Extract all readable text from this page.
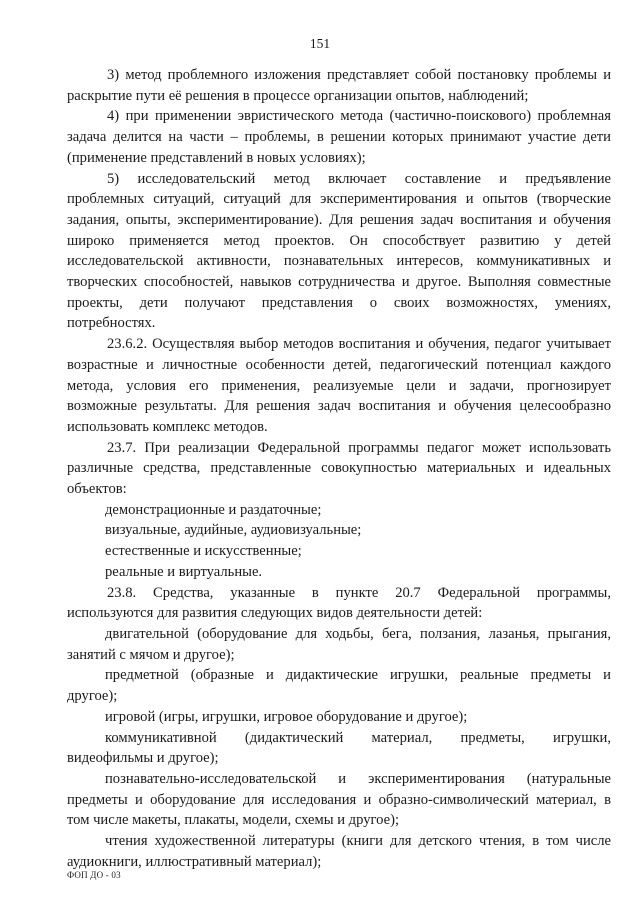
151

3) метод проблемного изложения представляет собой постановку проблемы и
раскрытие пути её решения в процессе организации опытов, наблюдений;

4) при применении эвристического метода (частично-поискового) проблемная
задача делится на части – проблемы, в решении которых принимают участие дети
(применение представлений в новых условиях);

5) исследовательский метод включает составление и предъявление
проблемных ситуаций, ситуаций для экспериментирования и опытов (творческие
задания, опыты, экспериментирование). Для решения задач воспитания и обучения
широко применяется метод проектов. Он способствует развитию у детей
исследовательской активности, познавательных интересов, коммуникативных и
творческих способностей, навыков сотрудничества и другое. Выполняя совместные
проекты, дети получают представления о своих возможностях, умениях,
потребностях.

23.6.2. Осуществляя выбор методов воспитания и обучения, педагог учитывает
возрастные и личностные особенности детей, педагогический потенциал каждого
метода, условия его применения, реализуемые цели и задачи, прогнозирует
возможные результаты. Для решения задач воспитания и обучения целесообразно
использовать комплекс методов.

23.7. При реализации Федеральной программы педагог может использовать
различные средства, представленные совокупностью материальных и идеальных
объектов:

демонстрационные и раздаточные;

визуальные, аудийные, аудиовизуальные;

естественные и искусственные;

реальные и виртуальные.

23.8. Средства, указанные в пункте 20.7 Федеральной программы,
используются для развития следующих видов деятельности детей:

двигательной (оборудование для ходьбы, бега, ползания, лазанья, прыгания,
занятий с мячом и другое);

предметной (образные и дидактические игрушки, реальные предметы и
другое);

игровой (игры, игрушки, игровое оборудование и другое);

коммуникативной (дидактический материал, предметы, игрушки,
видеофильмы и другое);

познавательно-исследовательской и экспериментирования (натуральные
предметы и оборудование для исследования и образно-символический материал, в
том числе макеты, плакаты, модели, схемы и другое);

чтения художественной литературы (книги для детского чтения, в том числе
аудиокниги, иллюстративный материал);

ФОП ДО - 03
